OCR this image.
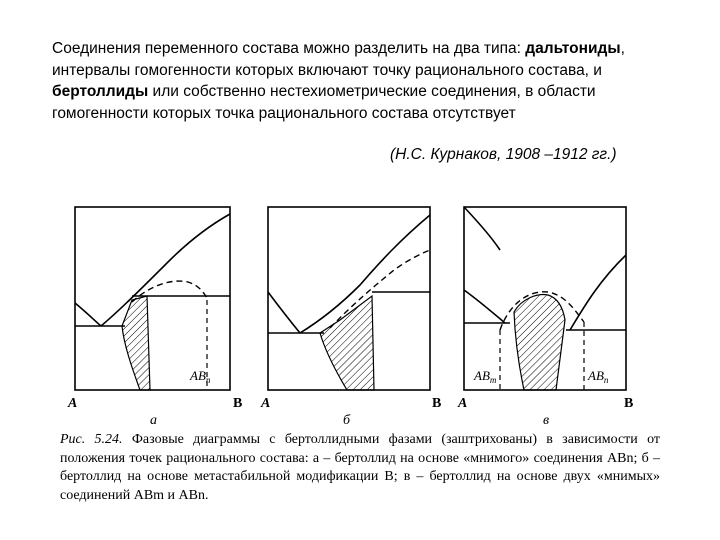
Соединения переменного состава можно разделить на два типа: дальтониды, интервалы гомогенности которых включают точку рационального состава, и бертоллиды или собственно нестехиометрические соединения, в области гомогенности которых точка рационального состава отсутствует

(Н.С. Курнаков, 1908 –1912 гг.)
$AB_n$
A	B
а
A	B
б
$AB_m$	$AB_n$
A	B
в

Рис. 5.24. Фазовые диаграммы с бертоллидными фазами (заштрихованы) в зависимости от положения точек рационального состава: а – бертоллид на основе «мнимого» соединения ABn; б – бертоллид на основе метастабильной модификации B; в – бертоллид на основе двух «мнимых» соединений ABm и ABn.
